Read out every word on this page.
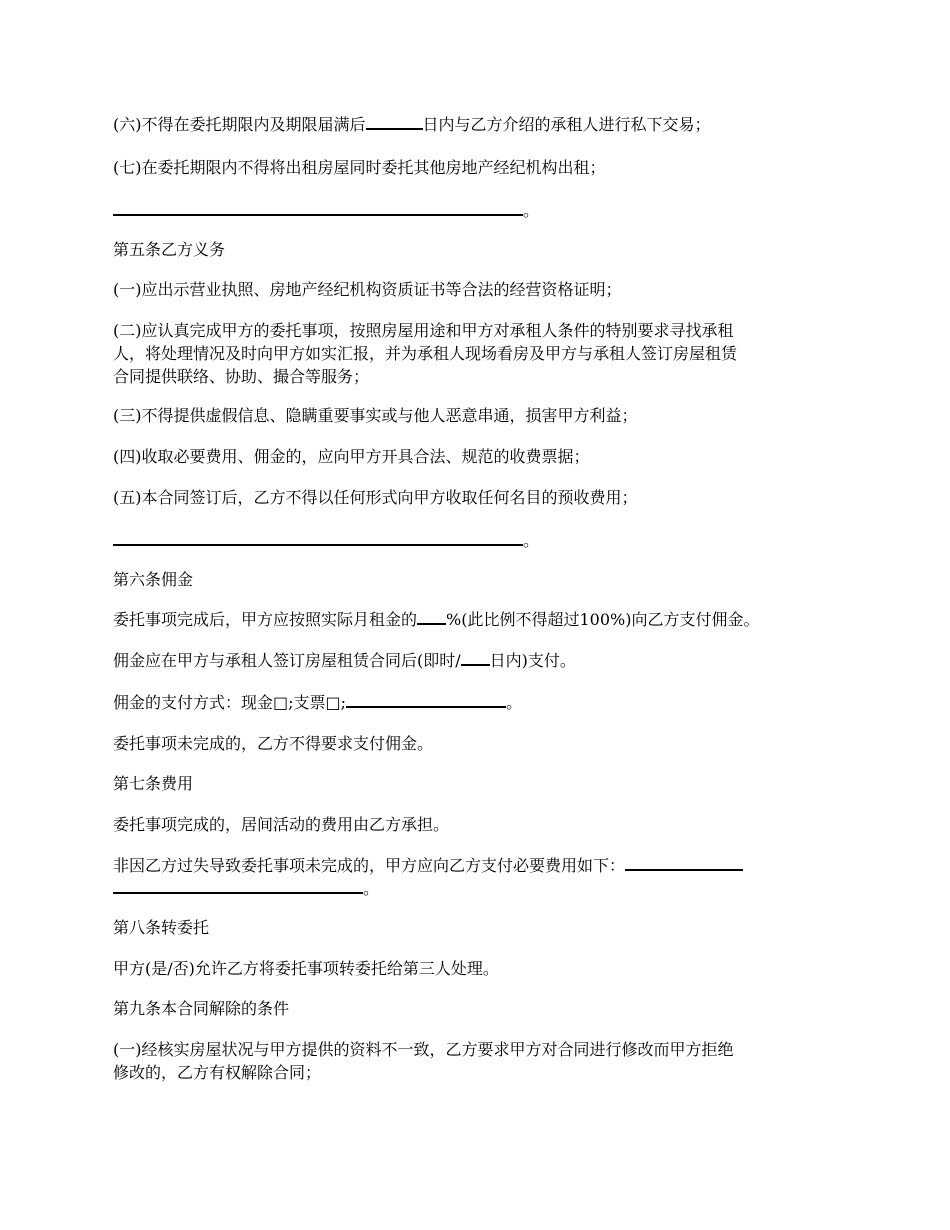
(六)不得在委托期限内及期限届满后	日内与乙方介绍的承租人进行私下交易；
(七)在委托期限内不得将出租房屋同时委托其他房地产经纪机构出租；
。
第五条乙方义务
(一)应出示营业执照、房地产经纪机构资质证书等合法的经营资格证明；
(二)应认真完成甲方的委托事项，按照房屋用途和甲方对承租人条件的特别要求寻找承租
人，将处理情况及时向甲方如实汇报，并为承租人现场看房及甲方与承租人签订房屋租赁
合同提供联络、协助、撮合等服务；
(三)不得提供虚假信息、隐瞒重要事实或与他人恶意串通，损害甲方利益；
(四)收取必要费用、佣金的，应向甲方开具合法、规范的收费票据；
(五)本合同签订后，乙方不得以任何形式向甲方收取任何名目的预收费用；
。
第六条佣金
委托事项完成后，甲方应按照实际月租金的 %(此比例不得超过100%)向乙方支付佣金。
佣金应在甲方与承租人签订房屋租赁合同后(即时/ 日内)支付。
佣金的支付方式：现金□;支票□;	。
委托事项未完成的，乙方不得要求支付佣金。
第七条费用
委托事项完成的，居间活动的费用由乙方承担。
非因乙方过失导致委托事项未完成的，甲方应向乙方支付必要费用如下：
。
第八条转委托
甲方(是/否)允许乙方将委托事项转委托给第三人处理。
第九条本合同解除的条件
(一)经核实房屋状况与甲方提供的资料不一致，乙方要求甲方对合同进行修改而甲方拒绝
修改的，乙方有权解除合同；
